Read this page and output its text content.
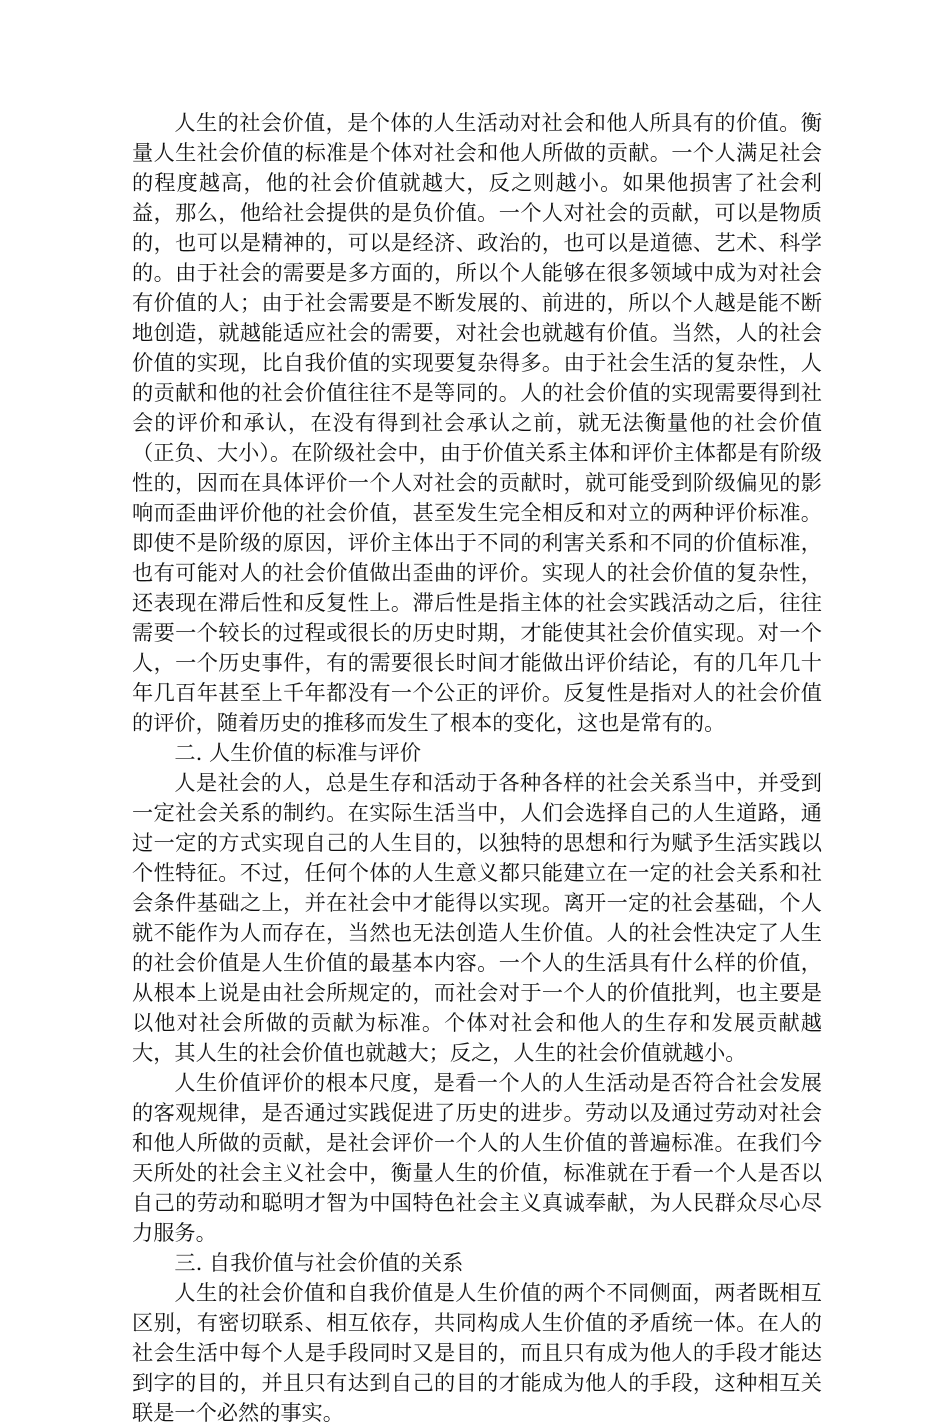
人生的社会价值，是个体的人生活动对社会和他人所具有的价值。衡量人生社会价值的标准是个体对社会和他人所做的贡献。一个人满足社会的程度越高，他的社会价值就越大，反之则越小。如果他损害了社会利益，那么，他给社会提供的是负价值。一个人对社会的贡献，可以是物质的，也可以是精神的，可以是经济、政治的，也可以是道德、艺术、科学的。由于社会的需要是多方面的，所以个人能够在很多领域中成为对社会有价值的人；由于社会需要是不断发展的、前进的，所以个人越是能不断地创造，就越能适应社会的需要，对社会也就越有价值。当然，人的社会价值的实现，比自我价值的实现要复杂得多。由于社会生活的复杂性，人的贡献和他的社会价值往往不是等同的。人的社会价值的实现需要得到社会的评价和承认，在没有得到社会承认之前，就无法衡量他的社会价值（正负、大小）。在阶级社会中，由于价值关系主体和评价主体都是有阶级性的，因而在具体评价一个人对社会的贡献时，就可能受到阶级偏见的影响而歪曲评价他的社会价值，甚至发生完全相反和对立的两种评价标准。即使不是阶级的原因，评价主体出于不同的利害关系和不同的价值标准，也有可能对人的社会价值做出歪曲的评价。实现人的社会价值的复杂性，还表现在滞后性和反复性上。滞后性是指主体的社会实践活动之后，往往需要一个较长的过程或很长的历史时期，才能使其社会价值实现。对一个人，一个历史事件，有的需要很长时间才能做出评价结论，有的几年几十年几百年甚至上千年都没有一个公正的评价。反复性是指对人的社会价值的评价，随着历史的推移而发生了根本的变化，这也是常有的。

二. 人生价值的标准与评价

人是社会的人，总是生存和活动于各种各样的社会关系当中，并受到一定社会关系的制约。在实际生活当中，人们会选择自己的人生道路，通过一定的方式实现自己的人生目的，以独特的思想和行为赋予生活实践以个性特征。不过，任何个体的人生意义都只能建立在一定的社会关系和社会条件基础之上，并在社会中才能得以实现。离开一定的社会基础，个人就不能作为人而存在，当然也无法创造人生价值。人的社会性决定了人生的社会价值是人生价值的最基本内容。一个人的生活具有什么样的价值，从根本上说是由社会所规定的，而社会对于一个人的价值批判，也主要是以他对社会所做的贡献为标准。个体对社会和他人的生存和发展贡献越大，其人生的社会价值也就越大；反之，人生的社会价值就越小。

人生价值评价的根本尺度，是看一个人的人生活动是否符合社会发展的客观规律，是否通过实践促进了历史的进步。劳动以及通过劳动对社会和他人所做的贡献，是社会评价一个人的人生价值的普遍标准。在我们今天所处的社会主义社会中，衡量人生的价值，标准就在于看一个人是否以自己的劳动和聪明才智为中国特色社会主义真诚奉献，为人民群众尽心尽力服务。

三. 自我价值与社会价值的关系

人生的社会价值和自我价值是人生价值的两个不同侧面，两者既相互区别，有密切联系、相互依存，共同构成人生价值的矛盾统一体。在人的社会生活中每个人是手段同时又是目的，而且只有成为他人的手段才能达到字的目的，并且只有达到自己的目的才能成为他人的手段，这种相互关联是一个必然的事实。
